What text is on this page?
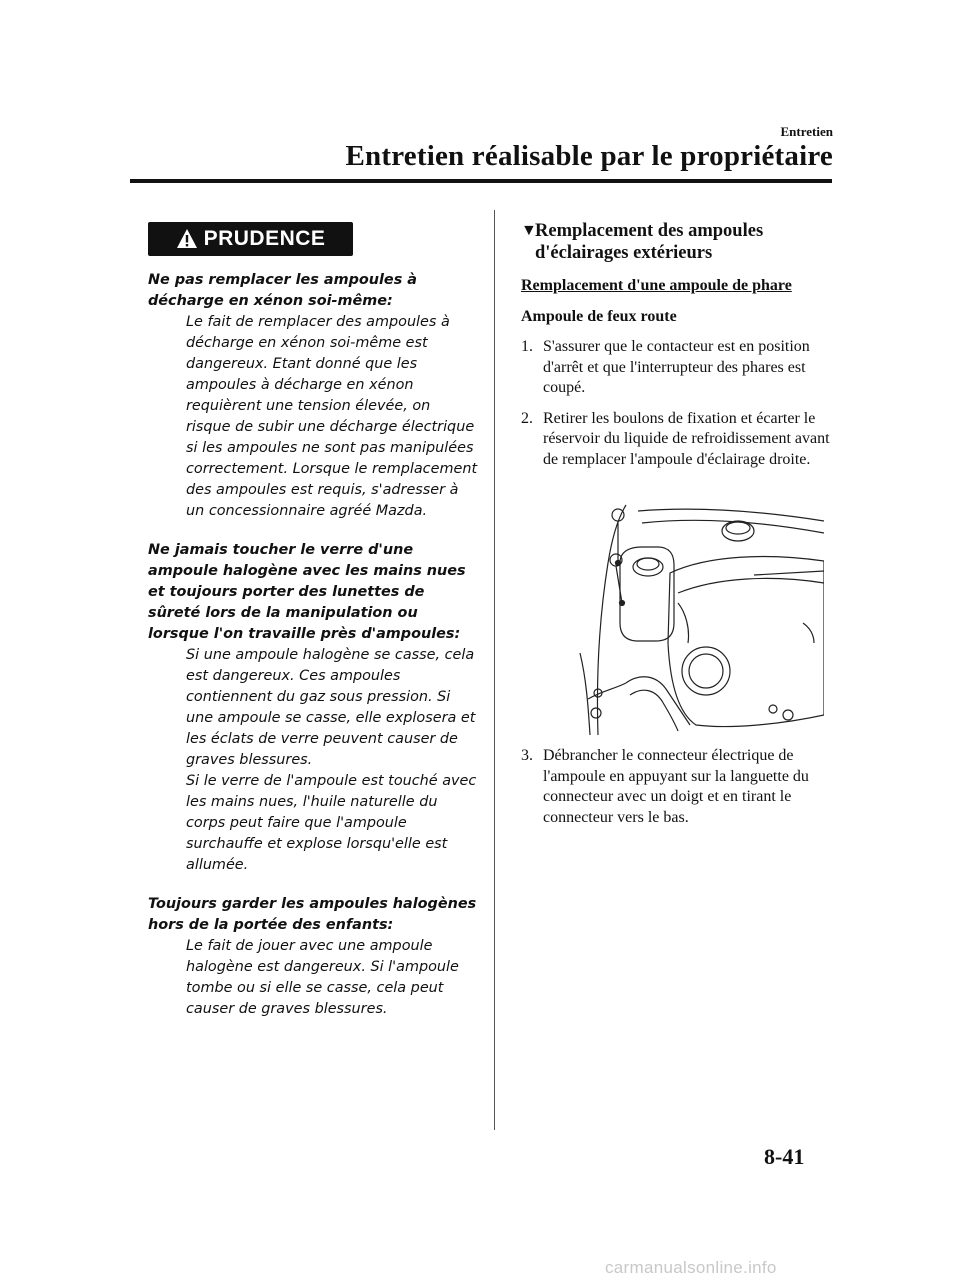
Entretien
Entretien réalisable par le propriétaire
PRUDENCE
Ne pas remplacer les ampoules à décharge en xénon soi-même:

Le fait de remplacer des ampoules à décharge en xénon soi-même est dangereux. Etant donné que les ampoules à décharge en xénon requièrent une tension élevée, on risque de subir une décharge électrique si les ampoules ne sont pas manipulées correctement. Lorsque le remplacement des ampoules est requis, s'adresser à un concessionnaire agréé Mazda.

Ne jamais toucher le verre d'une ampoule halogène avec les mains nues et toujours porter des lunettes de sûreté lors de la manipulation ou lorsque l'on travaille près d'ampoules:

Si une ampoule halogène se casse, cela est dangereux. Ces ampoules contiennent du gaz sous pression. Si une ampoule se casse, elle explosera et les éclats de verre peuvent causer de graves blessures.

Si le verre de l'ampoule est touché avec les mains nues, l'huile naturelle du corps peut faire que l'ampoule surchauffe et explose lorsqu'elle est allumée.

Toujours garder les ampoules halogènes hors de la portée des enfants:

Le fait de jouer avec une ampoule halogène est dangereux. Si l'ampoule tombe ou si elle se casse, cela peut causer de graves blessures.

▼
Remplacement des ampoules d'éclairages extérieurs
Remplacement d'une ampoule de phare
Ampoule de feux route
1. S'assurer que le contacteur est en position d'arrêt et que l'interrupteur des phares est coupé.
2. Retirer les boulons de fixation et écarter le réservoir du liquide de refroidissement avant de remplacer l'ampoule d'éclairage droite.
3. Débrancher le connecteur électrique de l'ampoule en appuyant sur la languette du connecteur avec un doigt et en tirant le connecteur vers le bas.
8-41
carmanualsonline.info
